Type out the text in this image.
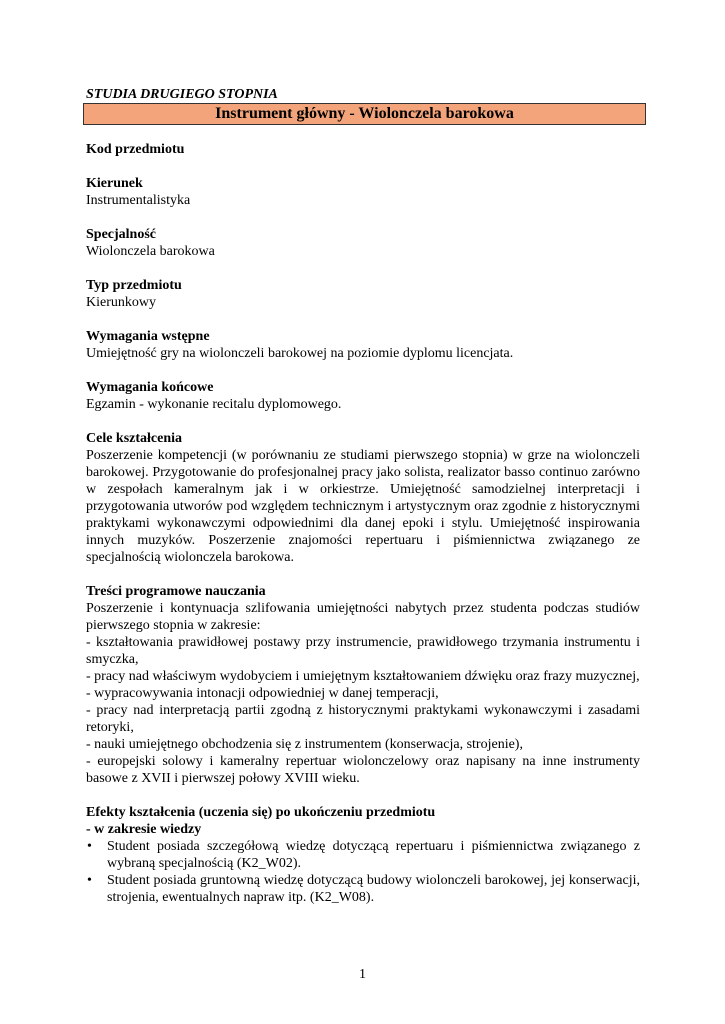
STUDIA DRUGIEGO STOPNIA
Instrument główny - Wiolonczela barokowa
Kod przedmiotu
Kierunek
Instrumentalistyka
Specjalność
Wiolonczela barokowa
Typ przedmiotu
Kierunkowy
Wymagania wstępne
Umiejętność gry na wiolonczeli barokowej na poziomie dyplomu licencjata.
Wymagania końcowe
Egzamin - wykonanie recitalu dyplomowego.
Cele kształcenia
Poszerzenie kompetencji (w porównaniu ze studiami pierwszego stopnia) w grze na wiolonczeli barokowej. Przygotowanie do profesjonalnej pracy jako solista, realizator basso continuo zarówno w zespołach kameralnym jak i w orkiestrze. Umiejętność samodzielnej interpretacji i przygotowania utworów pod względem technicznym i artystycznym oraz zgodnie z historycznymi praktykami wykonawczymi odpowiednimi dla danej epoki i stylu. Umiejętność inspirowania innych muzyków. Poszerzenie znajomości repertuaru i piśmiennictwa związanego ze specjalnością wiolonczela barokowa.
Treści programowe nauczania
Poszerzenie i kontynuacja szlifowania umiejętności nabytych przez studenta podczas studiów pierwszego stopnia w zakresie:
- kształtowania prawidłowej postawy przy instrumencie, prawidłowego trzymania instrumentu i smyczka,
- pracy nad właściwym wydobyciem i umiejętnym kształtowaniem dźwięku oraz frazy muzycznej,
- wypracowywania intonacji odpowiedniej w danej temperacji,
- pracy nad interpretacją partii zgodną z historycznymi praktykami wykonawczymi i zasadami retoryki,
- nauki umiejętnego obchodzenia się z instrumentem (konserwacja, strojenie),
- europejski solowy i kameralny repertuar wiolonczelowy oraz napisany na inne instrumenty basowe z XVII i pierwszej połowy XVIII wieku.
Efekty kształcenia (uczenia się) po ukończeniu przedmiotu
- w zakresie wiedzy
• Student posiada szczegółową wiedzę dotyczącą repertuaru i piśmiennictwa związanego z wybraną specjalnością (K2_W02).
• Student posiada gruntowną wiedzę dotyczącą budowy wiolonczeli barokowej, jej konserwacji, strojenia, ewentualnych napraw itp. (K2_W08).
1
